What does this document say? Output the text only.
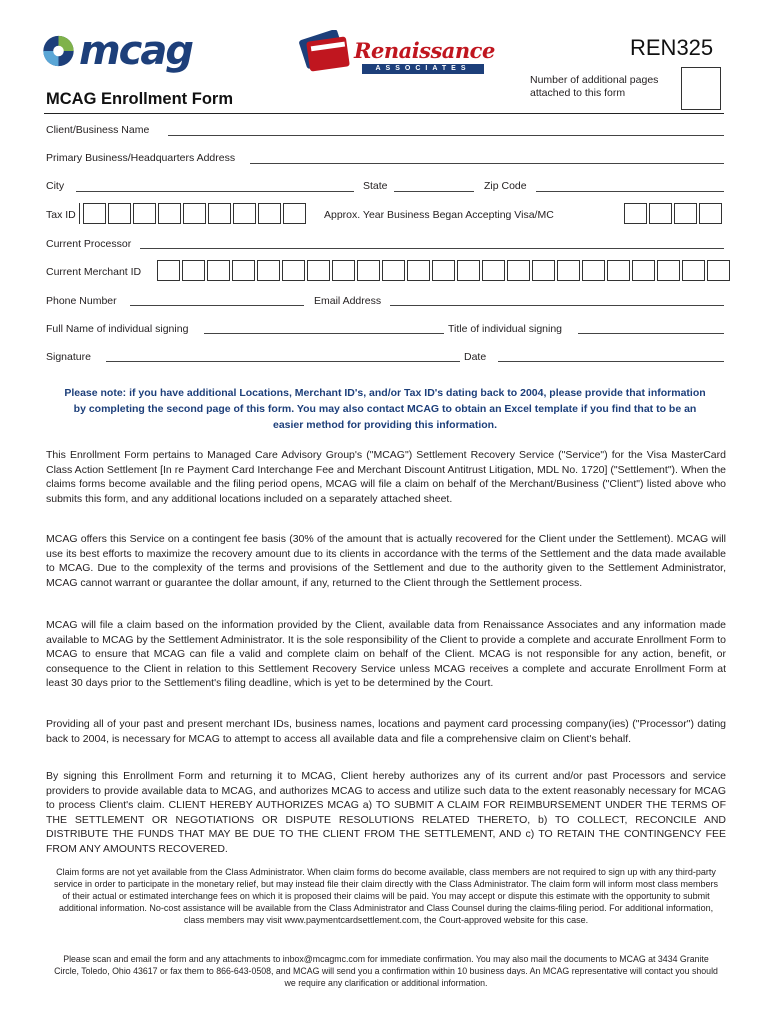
mcag	Renaissance
ASSOCIATES
REN325
Number of additional pages attached to this form
MCAG Enrollment Form
Client/Business Name
Primary Business/Headquarters Address
City	State	Zip Code
Tax ID	Approx. Year Business Began Accepting Visa/MC
Current Processor
Current Merchant ID
Phone Number	Email Address
Full Name of individual signing	Title of individual signing
Signature	Date
Please note: if you have additional Locations, Merchant ID's, and/or Tax ID's dating back to 2004, please provide that information by completing the second page of this form. You may also contact MCAG to obtain an Excel template if you find that to be an easier method for providing this information.
This Enrollment Form pertains to Managed Care Advisory Group's ("MCAG") Settlement Recovery Service ("Service") for the Visa MasterCard Class Action Settlement [In re Payment Card Interchange Fee and Merchant Discount Antitrust Litigation, MDL No. 1720] ("Settlement"). When the claims forms become available and the filing period opens, MCAG will file a claim on behalf of the Merchant/Business ("Client") listed above who submits this form, and any additional locations included on a separately attached sheet.
MCAG offers this Service on a contingent fee basis (30% of the amount that is actually recovered for the Client under the Settlement). MCAG will use its best efforts to maximize the recovery amount due to its clients in accordance with the terms of the Settlement and the data made available to MCAG. Due to the complexity of the terms and provisions of the Settlement and due to the authority given to the Settlement Administrator, MCAG cannot warrant or guarantee the dollar amount, if any, returned to the Client through the Settlement process.
MCAG will file a claim based on the information provided by the Client, available data from Renaissance Associates and any information made available to MCAG by the Settlement Administrator. It is the sole responsibility of the Client to provide a complete and accurate Enrollment Form to MCAG to ensure that MCAG can file a valid and complete claim on behalf of the Client. MCAG is not responsible for any action, benefit, or consequence to the Client in relation to this Settlement Recovery Service unless MCAG receives a complete and accurate Enrollment Form at least 30 days prior to the Settlement's filing deadline, which is yet to be determined by the Court.
Providing all of your past and present merchant IDs, business names, locations and payment card processing company(ies) ("Processor") dating back to 2004, is necessary for MCAG to attempt to access all available data and file a comprehensive claim on Client's behalf.
By signing this Enrollment Form and returning it to MCAG, Client hereby authorizes any of its current and/or past Processors and service providers to provide available data to MCAG, and authorizes MCAG to access and utilize such data to the extent reasonably necessary for MCAG to process Client's claim. CLIENT HEREBY AUTHORIZES MCAG a) TO SUBMIT A CLAIM FOR REIMBURSEMENT UNDER THE TERMS OF THE SETTLEMENT OR NEGOTIATIONS OR DISPUTE RESOLUTIONS RELATED THERETO, b) TO COLLECT, RECONCILE AND DISTRIBUTE THE FUNDS THAT MAY BE DUE TO THE CLIENT FROM THE SETTLEMENT, AND c) TO RETAIN THE CONTINGENCY FEE FROM ANY AMOUNTS RECOVERED.
Claim forms are not yet available from the Class Administrator. When claim forms do become available, class members are not required to sign up with any third-party service in order to participate in the monetary relief, but may instead file their claim directly with the Class Administrator. The claim form will inform most class members of their actual or estimated interchange fees on which it is proposed their claims will be paid. You may accept or dispute this estimate with the opportunity to submit additional information. No-cost assistance will be available from the Class Administrator and Class Counsel during the claims-filing period. For additional information, class members may visit www.paymentcardsettlement.com, the Court-approved website for this case.
Please scan and email the form and any attachments to inbox@mcagmc.com for immediate confirmation. You may also mail the documents to MCAG at 3434 Granite Circle, Toledo, Ohio 43617 or fax them to 866-643-0508, and MCAG will send you a confirmation within 10 business days. An MCAG representative will contact you should we require any clarification or additional information.
